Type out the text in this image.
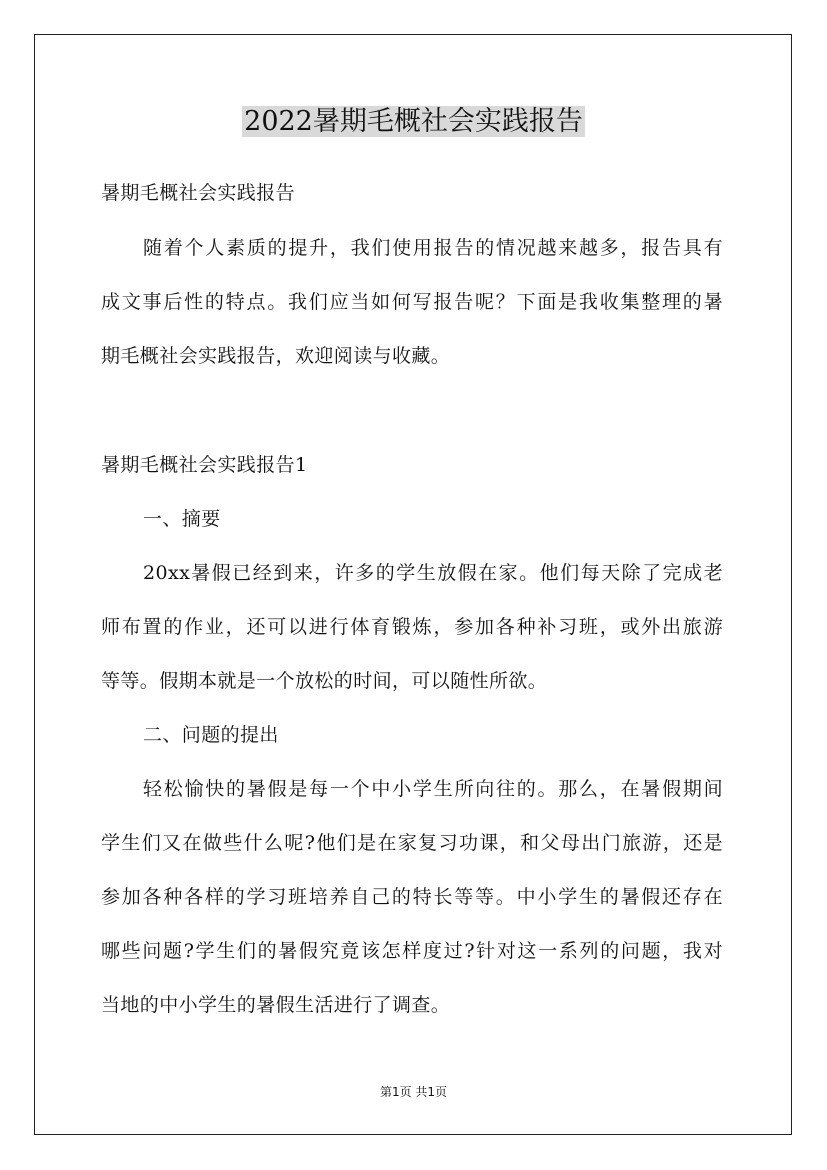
2022暑期毛概社会实践报告
暑期毛概社会实践报告
随着个人素质的提升，我们使用报告的情况越来越多，报告具有
成文事后性的特点。我们应当如何写报告呢？下面是我收集整理的暑
期毛概社会实践报告，欢迎阅读与收藏。
暑期毛概社会实践报告1
一、摘要
20xx暑假已经到来，许多的学生放假在家。他们每天除了完成老
师布置的作业，还可以进行体育锻炼，参加各种补习班，或外出旅游
等等。假期本就是一个放松的时间，可以随性所欲。
二、问题的提出
轻松愉快的暑假是每一个中小学生所向往的。那么，在暑假期间
学生们又在做些什么呢?他们是在家复习功课，和父母出门旅游，还是
参加各种各样的学习班培养自己的特长等等。中小学生的暑假还存在
哪些问题?学生们的暑假究竟该怎样度过?针对这一系列的问题，我对
当地的中小学生的暑假生活进行了调查。
第1页 共1页
